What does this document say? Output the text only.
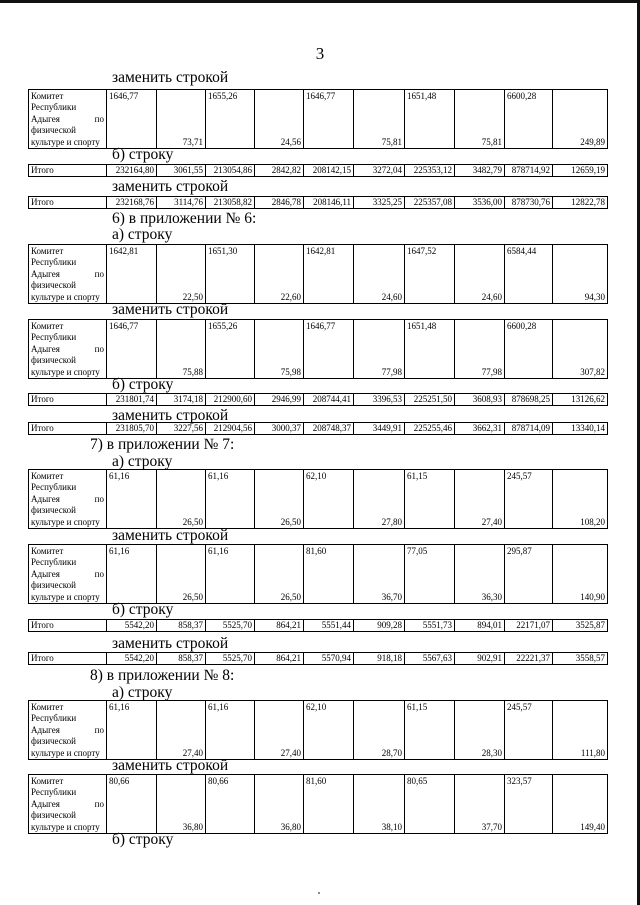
3
заменить строкой
Комитет Республики Адыгея по физической культуре и спорту	1646,77	73,71	1655,26	24,56	1646,77	75,81	1651,48	75,81	6600,28	249,89
б) строку
Итого	232164,80	3061,55	213054,86	2842,82	208142,15	3272,04	225353,12	3482,79	878714,92	12659,19
заменить строкой
Итого	232168,76	3114,76	213058,82	2846,78	208146,11	3325,25	225357,08	3536,00	878730,76	12822,78
6) в приложении № 6:
а) строку
Комитет Республики Адыгея по физической культуре и спорту	1642,81	22,50	1651,30	22,60	1642,81	24,60	1647,52	24,60	6584,44	94,30
заменить строкой
Комитет Республики Адыгея по физической культуре и спорту	1646,77	75,88	1655,26	75,98	1646,77	77,98	1651,48	77,98	6600,28	307,82
б) строку
Итого	231801,74	3174,18	212900,60	2946,99	208744,41	3396,53	225251,50	3608,93	878698,25	13126,62
заменить строкой
Итого	231805,70	3227,56	212904,56	3000,37	208748,37	3449,91	225255,46	3662,31	878714,09	13340,14
7) в приложении № 7:
а) строку
Комитет Республики Адыгея по физической культуре и спорту	61,16	26,50	61,16	26,50	62,10	27,80	61,15	27,40	245,57	108,20
заменить строкой
Комитет Республики Адыгея по физической культуре и спорту	61,16	26,50	61,16	26,50	81,60	36,70	77,05	36,30	295,87	140,90
б) строку
Итого	5542,20	858,37	5525,70	864,21	5551,44	909,28	5551,73	894,01	22171,07	3525,87
заменить строкой
Итого	5542,20	858,37	5525,70	864,21	5570,94	918,18	5567,63	902,91	22221,37	3558,57
8) в приложении № 8:
а) строку
Комитет Республики Адыгея по физической культуре и спорту	61,16	27,40	61,16	27,40	62,10	28,70	61,15	28,30	245,57	111,80
заменить строкой
Комитет Республики Адыгея по физической культуре и спорту	80,66	36,80	80,66	36,80	81,60	38,10	80,65	37,70	323,57	149,40
б) строку
